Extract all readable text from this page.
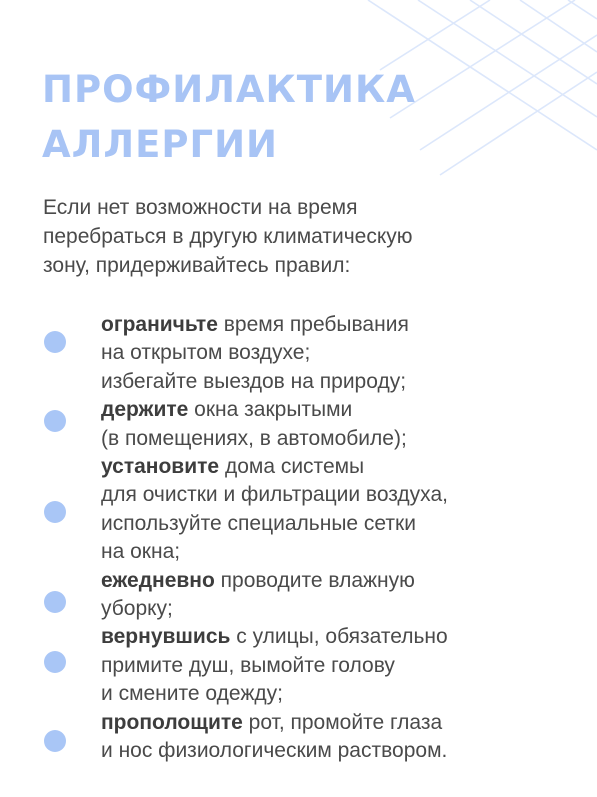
ПРОФИЛАКТИКА
АЛЛЕРГИИ

Если нет возможности на время
перебраться в другую климатическую
зону, придерживайтесь правил:

ограничьте время пребывания
на открытом воздухе;
избегайте выездов на природу;
держите окна закрытыми
(в помещениях, в автомобиле);
установите дома системы
для очистки и фильтрации воздуха,
используйте специальные сетки
на окна;
ежедневно проводите влажную
уборку;
вернувшись с улицы, обязательно
примите душ, вымойте голову
и смените одежду;
прополощите рот, промойте глаза
и нос физиологическим раствором.
